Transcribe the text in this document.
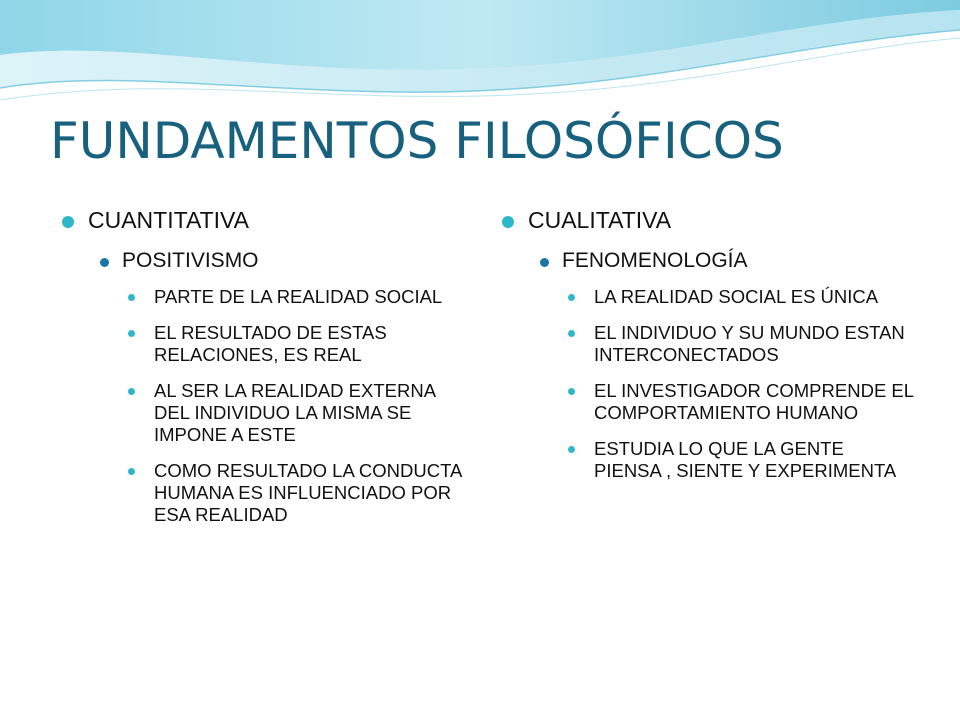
FUNDAMENTOS FILOSÓFICOS
CUANTITATIVA
POSITIVISMO
PARTE DE LA REALIDAD SOCIAL
EL RESULTADO DE ESTAS RELACIONES, ES REAL
AL SER LA REALIDAD EXTERNA DEL INDIVIDUO LA MISMA SE IMPONE A ESTE
COMO RESULTADO LA CONDUCTA HUMANA ES INFLUENCIADO POR ESA REALIDAD
CUALITATIVA
FENOMENOLOGÍA
LA REALIDAD SOCIAL ES ÚNICA
EL INDIVIDUO Y SU MUNDO ESTAN INTERCONECTADOS
EL INVESTIGADOR COMPRENDE EL COMPORTAMIENTO HUMANO
ESTUDIA LO QUE LA GENTE PIENSA , SIENTE Y EXPERIMENTA
